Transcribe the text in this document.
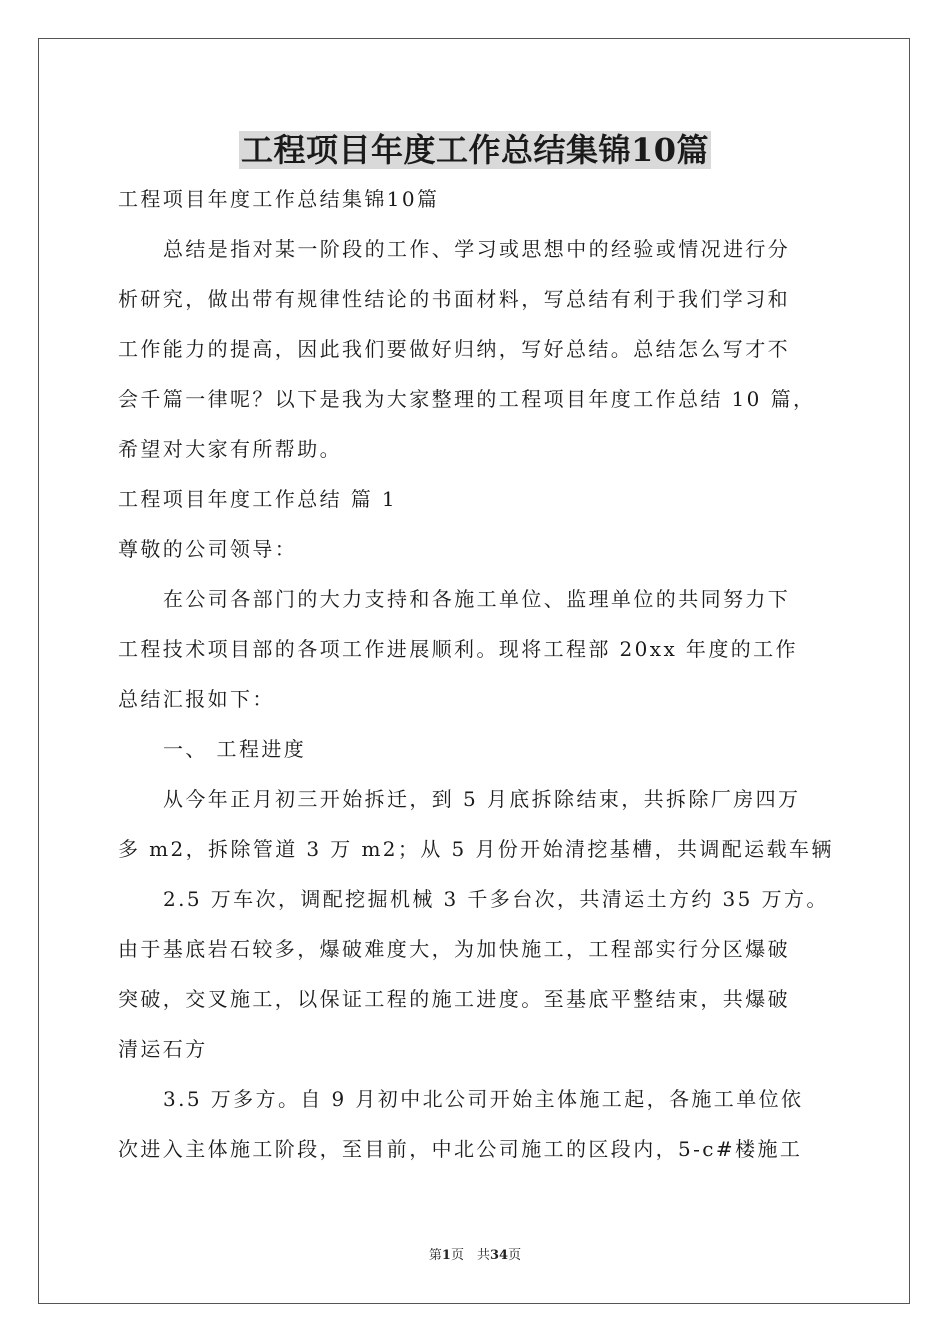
工程项目年度工作总结集锦10篇
工程项目年度工作总结集锦10篇
总结是指对某一阶段的工作、学习或思想中的经验或情况进行分
析研究，做出带有规律性结论的书面材料，写总结有利于我们学习和
工作能力的提高，因此我们要做好归纳，写好总结。总结怎么写才不
会千篇一律呢？以下是我为大家整理的工程项目年度工作总结 10 篇，
希望对大家有所帮助。
工程项目年度工作总结 篇 1
尊敬的公司领导：
在公司各部门的大力支持和各施工单位、监理单位的共同努力下
工程技术项目部的各项工作进展顺利。现将工程部 20xx 年度的工作
总结汇报如下：
一、 工程进度
从今年正月初三开始拆迁，到 5 月底拆除结束，共拆除厂房四万
多 m2，拆除管道 3 万 m2；从 5 月份开始清挖基槽，共调配运载车辆
2.5 万车次，调配挖掘机械 3 千多台次，共清运土方约 35 万方。
由于基底岩石较多，爆破难度大，为加快施工，工程部实行分区爆破
突破，交叉施工，以保证工程的施工进度。至基底平整结束，共爆破
清运石方
3.5 万多方。自 9 月初中北公司开始主体施工起，各施工单位依
次进入主体施工阶段，至目前，中北公司施工的区段内，5-c#楼施工
第1页　共34页
